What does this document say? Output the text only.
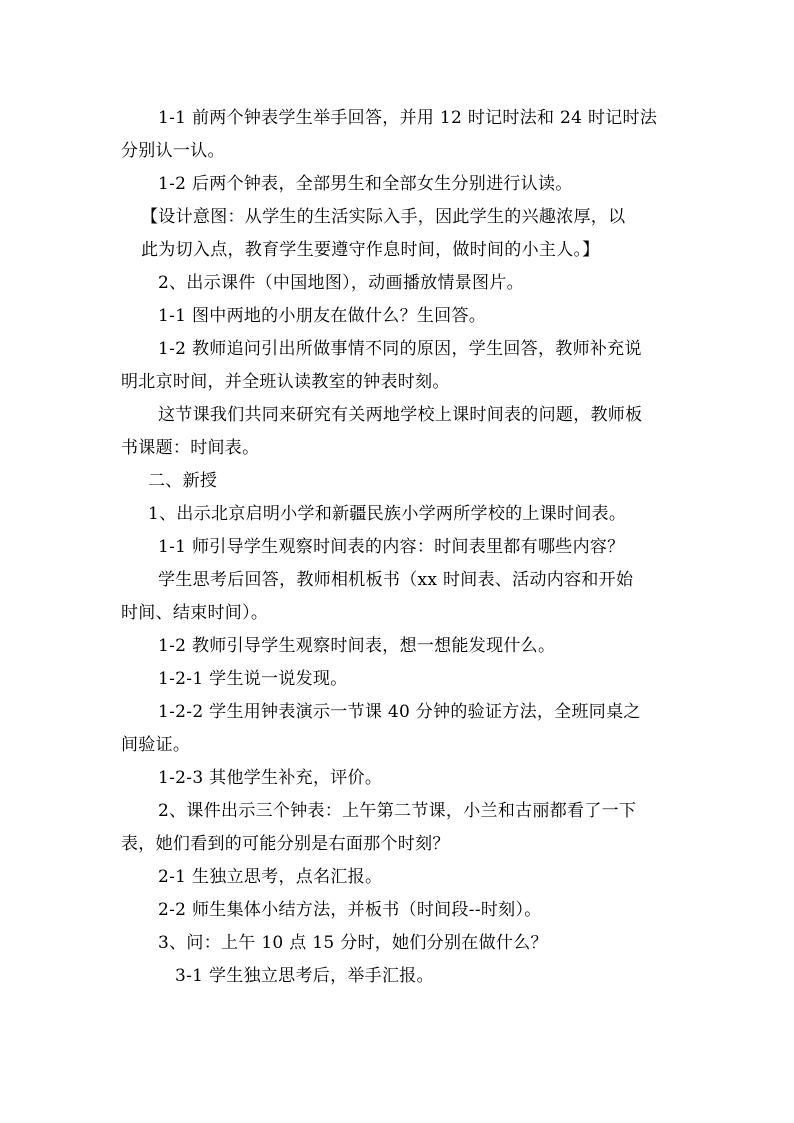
1-1 前两个钟表学生举手回答，并用 12 时记时法和 24 时记时法
分别认一认。
1-2 后两个钟表，全部男生和全部女生分别进行认读。
【设计意图：从学生的生活实际入手，因此学生的兴趣浓厚，以
此为切入点，教育学生要遵守作息时间，做时间的小主人。】
2、出示课件（中国地图），动画播放情景图片。
1-1 图中两地的小朋友在做什么？生回答。
1-2 教师追问引出所做事情不同的原因，学生回答，教师补充说
明北京时间，并全班认读教室的钟表时刻。
这节课我们共同来研究有关两地学校上课时间表的问题，教师板
书课题：时间表。
二、新授
1、出示北京启明小学和新疆民族小学两所学校的上课时间表。
1-1 师引导学生观察时间表的内容：时间表里都有哪些内容？
学生思考后回答，教师相机板书（xx 时间表、活动内容和开始
时间、结束时间）。
1-2 教师引导学生观察时间表，想一想能发现什么。
1-2-1 学生说一说发现。
1-2-2 学生用钟表演示一节课 40 分钟的验证方法，全班同桌之
间验证。
1-2-3 其他学生补充，评价。
2、课件出示三个钟表：上午第二节课，小兰和古丽都看了一下
表，她们看到的可能分别是右面那个时刻？
2-1 生独立思考，点名汇报。
2-2 师生集体小结方法，并板书（时间段--时刻）。
3、问：上午 10 点 15 分时，她们分别在做什么？
3-1 学生独立思考后，举手汇报。
